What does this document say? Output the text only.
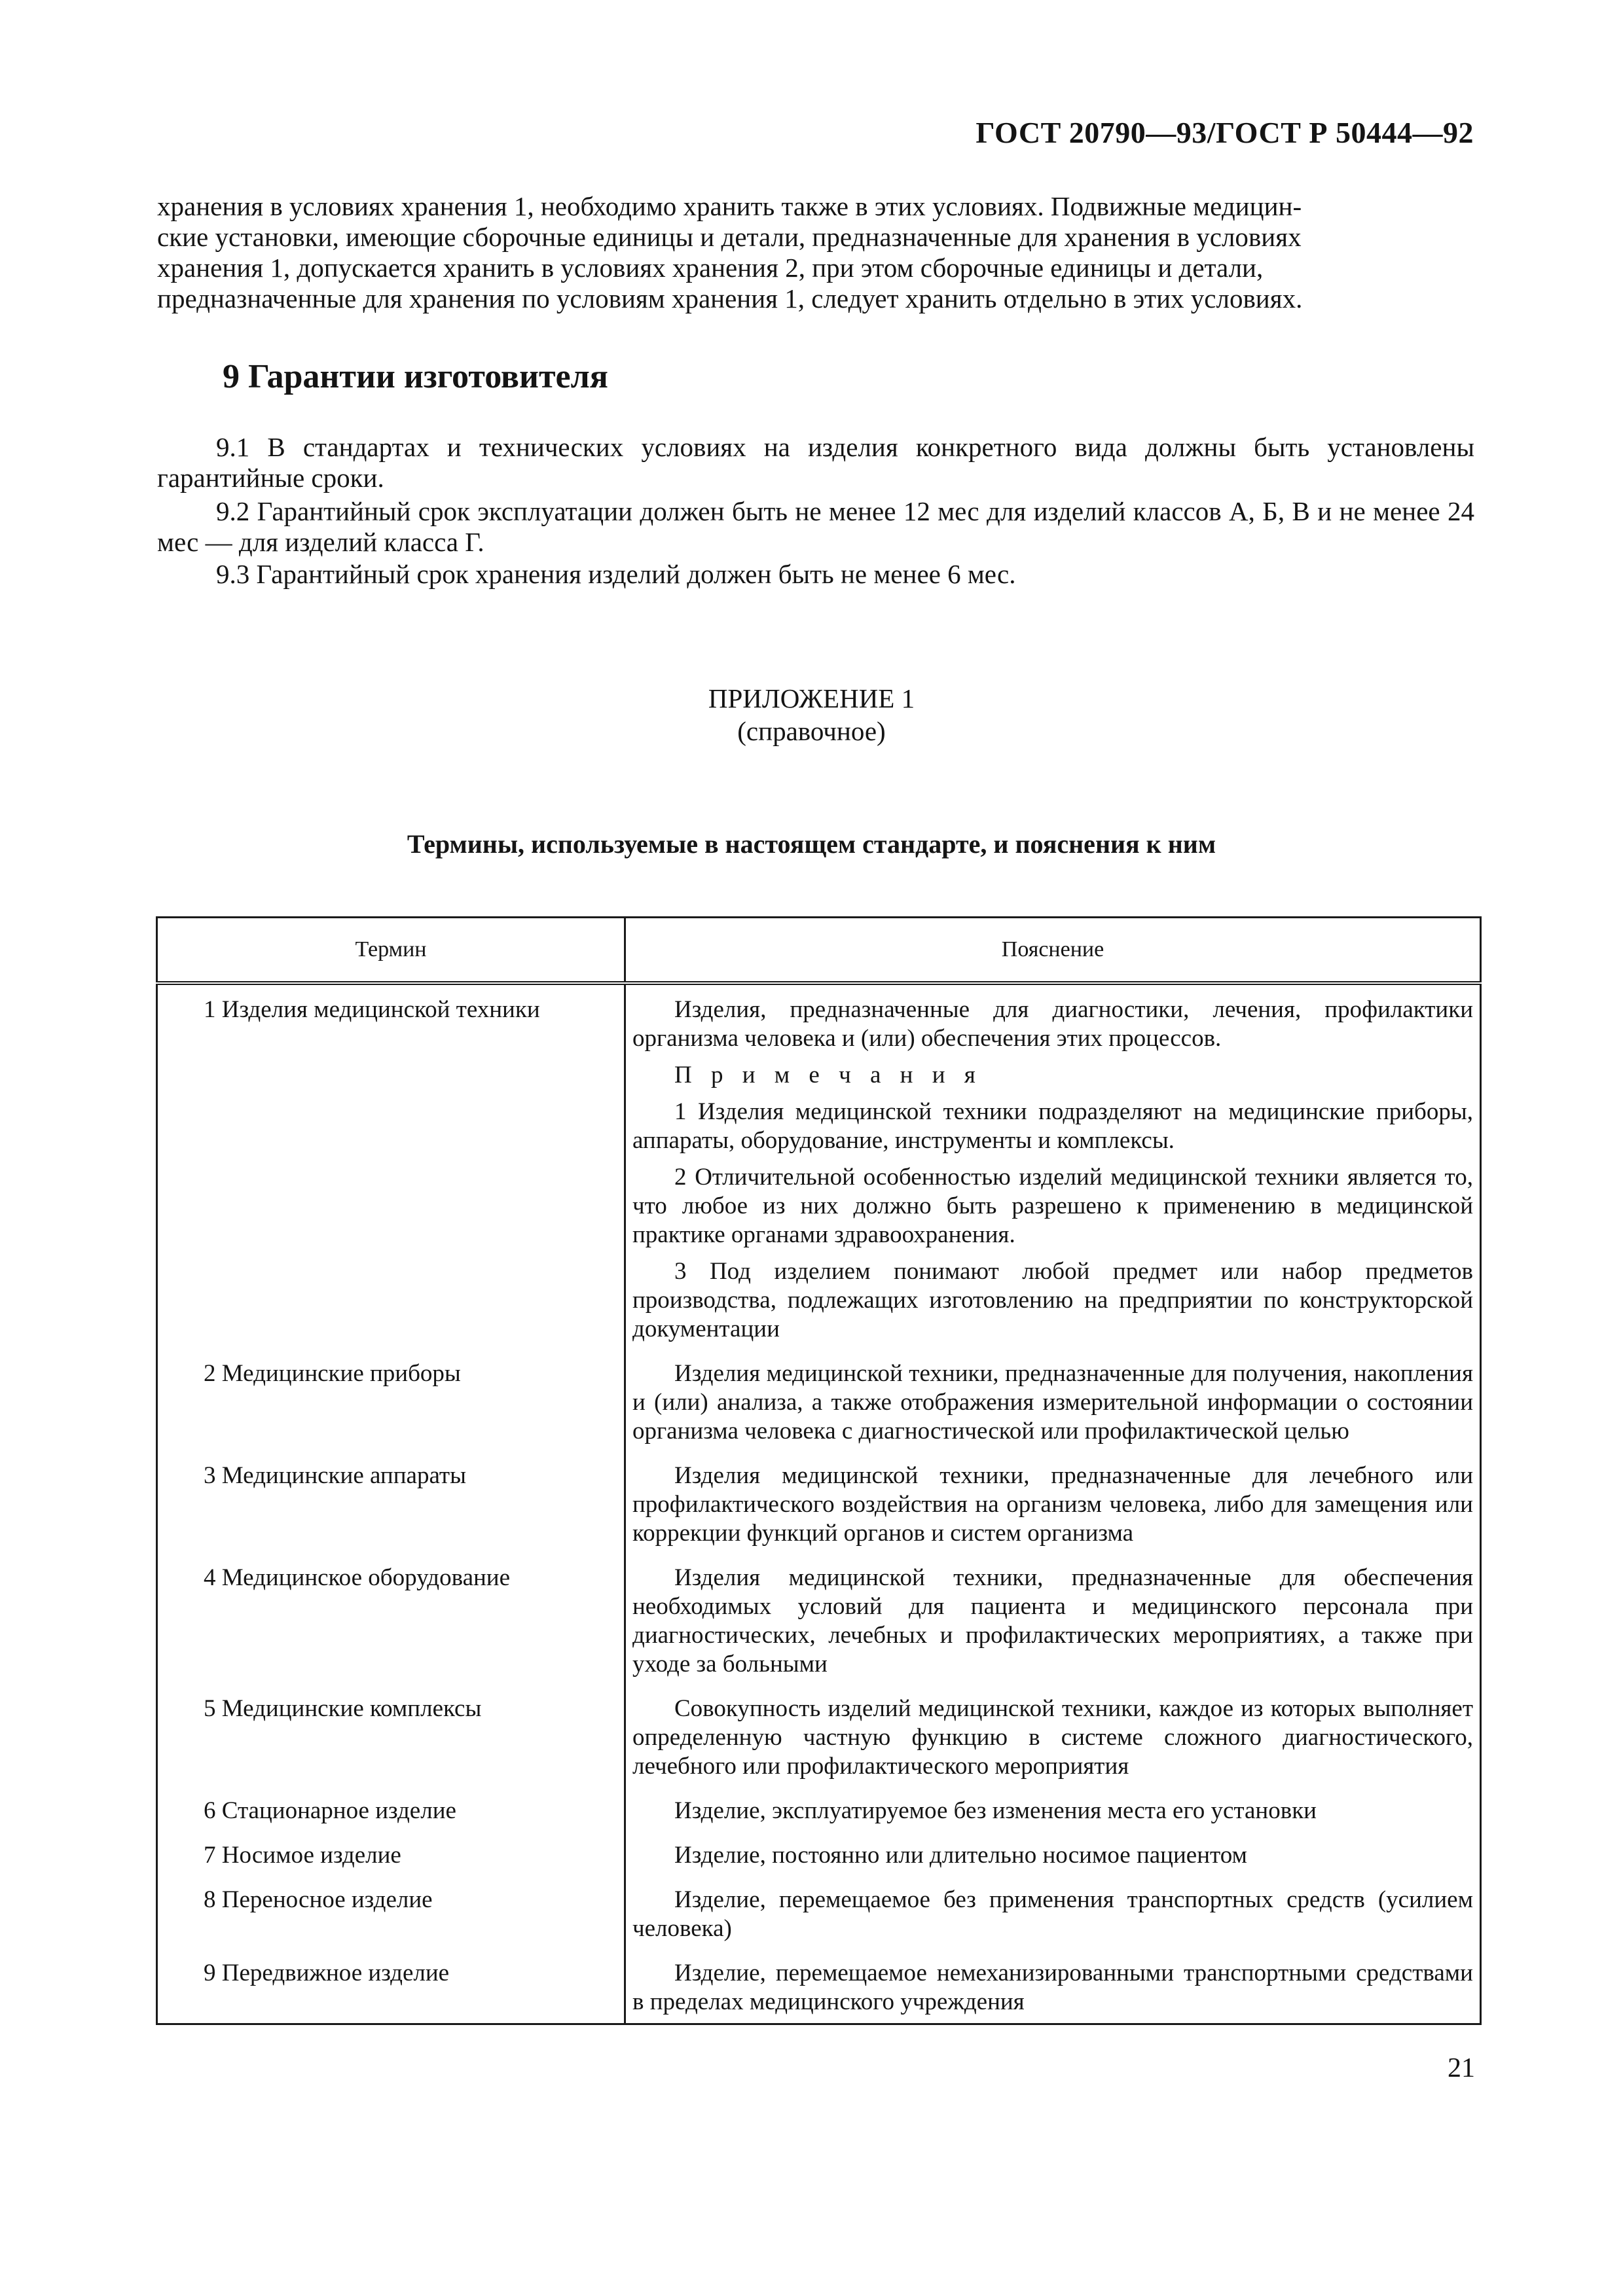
ГОСТ 20790—93/ГОСТ Р 50444—92
хранения в условиях хранения 1, необходимо хранить также в этих условиях. Подвижные медицин-
ские установки, имеющие сборочные единицы и детали, предназначенные для хранения в условиях
хранения 1, допускается хранить в условиях хранения 2, при этом сборочные единицы и детали,
предназначенные для хранения по условиям хранения 1, следует хранить отдельно в этих условиях.
9 Гарантии изготовителя

9.1 В стандартах и технических условиях на изделия конкретного вида должны быть установлены гарантийные сроки.

9.2 Гарантийный срок эксплуатации должен быть не менее 12 мес для изделий классов А, Б, В и не менее 24 мес — для изделий класса Г.

9.3 Гарантийный срок хранения изделий должен быть не менее 6 мес.

ПРИЛОЖЕНИЕ 1
(справочное)
Термины, используемые в настоящем стандарте, и пояснения к ним
Термин	Пояснение
1 Изделия медицинской техники	Изделия, предназначенные для диагностики, лечения, профилактики организма человека и (или) обеспечения этих процессов.

П р и м е ч а н и я

1 Изделия медицинской техники подразделяют на медицинские приборы, аппараты, оборудование, инструменты и комплексы.

2 Отличительной особенностью изделий медицинской техники является то, что любое из них должно быть разрешено к применению в медицинской практике органами здравоохранения.

3 Под изделием понимают любой предмет или набор предметов производства, подлежащих изготовлению на предприятии по конструкторской документации

2 Медицинские приборы	Изделия медицинской техники, предназначенные для получения, накопления и (или) анализа, а также отображения измерительной информации о состоянии организма человека с диагностической или профилактической целью

3 Медицинские аппараты	Изделия медицинской техники, предназначенные для лечебного или профилактического воздействия на организм человека, либо для замещения или коррекции функций органов и систем организма

4 Медицинское оборудование	Изделия медицинской техники, предназначенные для обеспечения необходимых условий для пациента и медицинского персонала при диагностических, лечебных и профилактических мероприятиях, а также при уходе за больными

5 Медицинские комплексы	Совокупность изделий медицинской техники, каждое из которых выполняет определенную частную функцию в системе сложного диагностического, лечебного или профилактического мероприятия

6 Стационарное изделие	Изделие, эксплуатируемое без изменения места его установки

7 Носимое изделие	Изделие, постоянно или длительно носимое пациентом

8 Переносное изделие	Изделие, перемещаемое без применения транспортных средств (усилием человека)

9 Передвижное изделие	Изделие, перемещаемое немеханизированными транспортными средствами в пределах медицинского учреждения

21
